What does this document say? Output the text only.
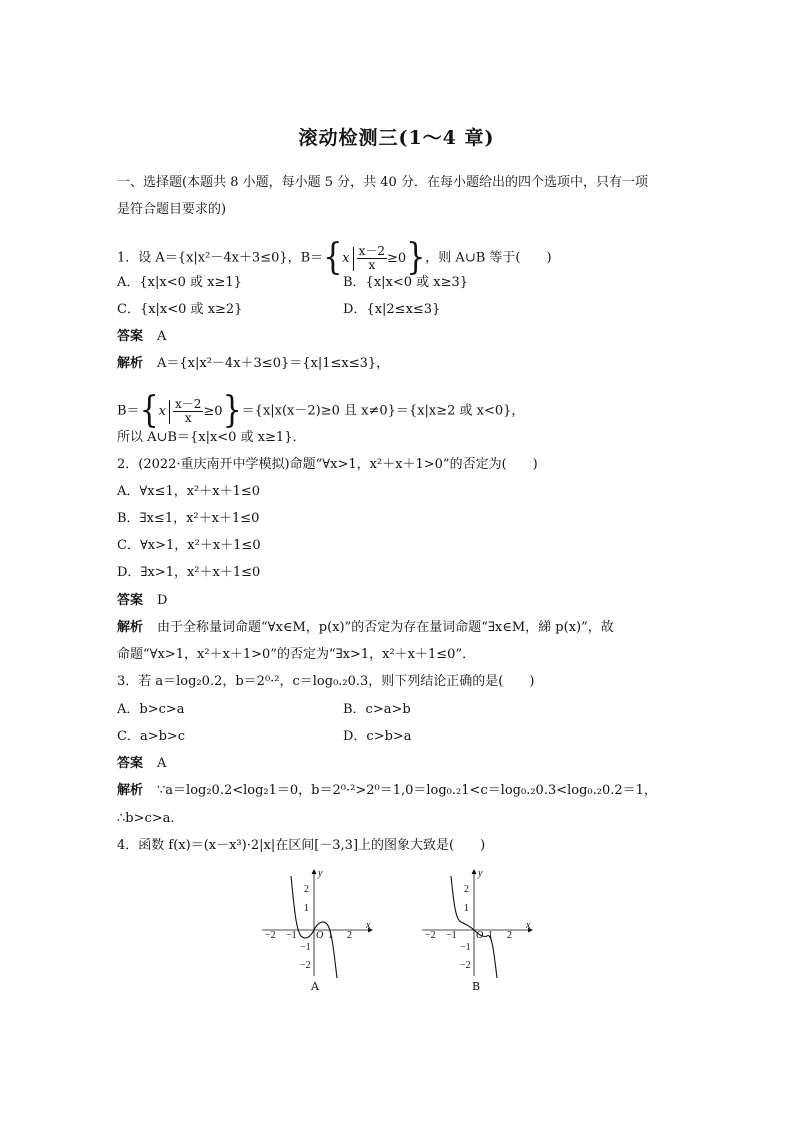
滚动检测三(1～4 章)
一、选择题(本题共 8 小题，每小题 5 分，共 40 分．在每小题给出的四个选项中，只有一项
是符合题目要求的)
1．设 A＝{x|x²－4x＋3≤0}，B＝{ x $\frac{x-2}{x} \ge 0$ }，则 A∪B 等于(　　)
A．{x|x<0 或 x≥1}	B．{x|x<0 或 x≥3}
C．{x|x<0 或 x≥2}	D．{x|2≤x≤3}
答案 A
解析 A＝{x|x²－4x＋3≤0}＝{x|1≤x≤3}，
B＝{ x $\frac{x-2}{x} \ge 0$ }＝{x|x(x－2)≥0 且 x≠0}＝{x|x≥2 或 x<0}，
所以 A∪B＝{x|x<0 或 x≥1}．
2．(2022·重庆南开中学模拟)命题“∀x>1，x²＋x＋1>0”的否定为(　　)
A．∀x≤1，x²＋x＋1≤0
B．∃x≤1，x²＋x＋1≤0
C．∀x>1，x²＋x＋1≤0
D．∃x>1，x²＋x＋1≤0
答案 D
解析 由于全称量词命题“∀x∈M，p(x)”的否定为存在量词命题“∃x∈M，綈 p(x)”，故
命题“∀x>1，x²＋x＋1>0”的否定为“∃x>1，x²＋x＋1≤0”．
3．若 a＝log₂0.2，b＝2⁰·²，c＝log₀.₂0.3，则下列结论正确的是(　　)
A．b>c>a	B．c>a>b
C．a>b>c	D．c>b>a
答案 A
解析 ∵a＝log₂0.2<log₂1＝0，b＝2⁰·²>2⁰＝1,0＝log₀.₂1<c＝log₀.₂0.3<log₀.₂0.2＝1，
∴b>c>a.
4．函数 f(x)＝(x－x³)·2|x|在区间[－3,3]上的图象大致是(　　)
x
y
−2 −1 O 1 2
2
1
−1
−2
A
x
y
−2 −1 O 1 2
2
1
−1
−2
B
